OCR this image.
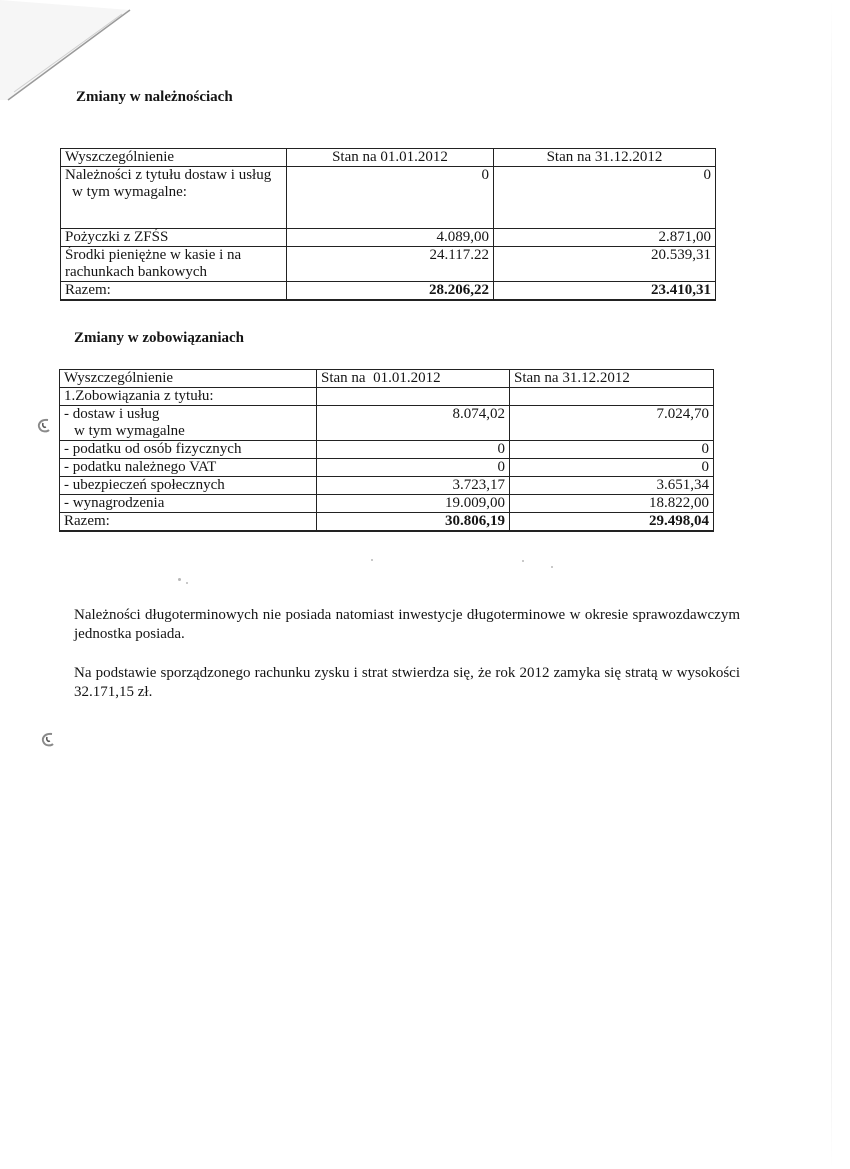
Zmiany w należnościach
Wyszczególnienie	Stan na 01.01.2012	Stan na 31.12.2012
Należności z tytułu dostaw i usług
w tym wymagalne:	0	0
Pożyczki z ZFŚS	4.089,00	2.871,00
Środki pieniężne w kasie i na rachunkach bankowych	24.117.22	20.539,31
Razem:	28.206,22	23.410,31
Zmiany w zobowiązaniach
Wyszczególnienie	Stan na  01.01.2012	Stan na 31.12.2012
1.Zobowiązania z tytułu:		
- dostaw i usług
w tym wymagalne	8.074,02	7.024,70
- podatku od osób fizycznych	0	0
- podatku należnego VAT	0	0
- ubezpieczeń społecznych	3.723,17	3.651,34
- wynagrodzenia	19.009,00	18.822,00
Razem:	30.806,19	29.498,04
Należności długoterminowych nie posiada natomiast inwestycje długoterminowe w okresie sprawozdawczym jednostka posiada.
Na podstawie sporządzonego rachunku zysku i strat stwierdza się, że rok 2012 zamyka się stratą w wysokości 32.171,15 zł.
